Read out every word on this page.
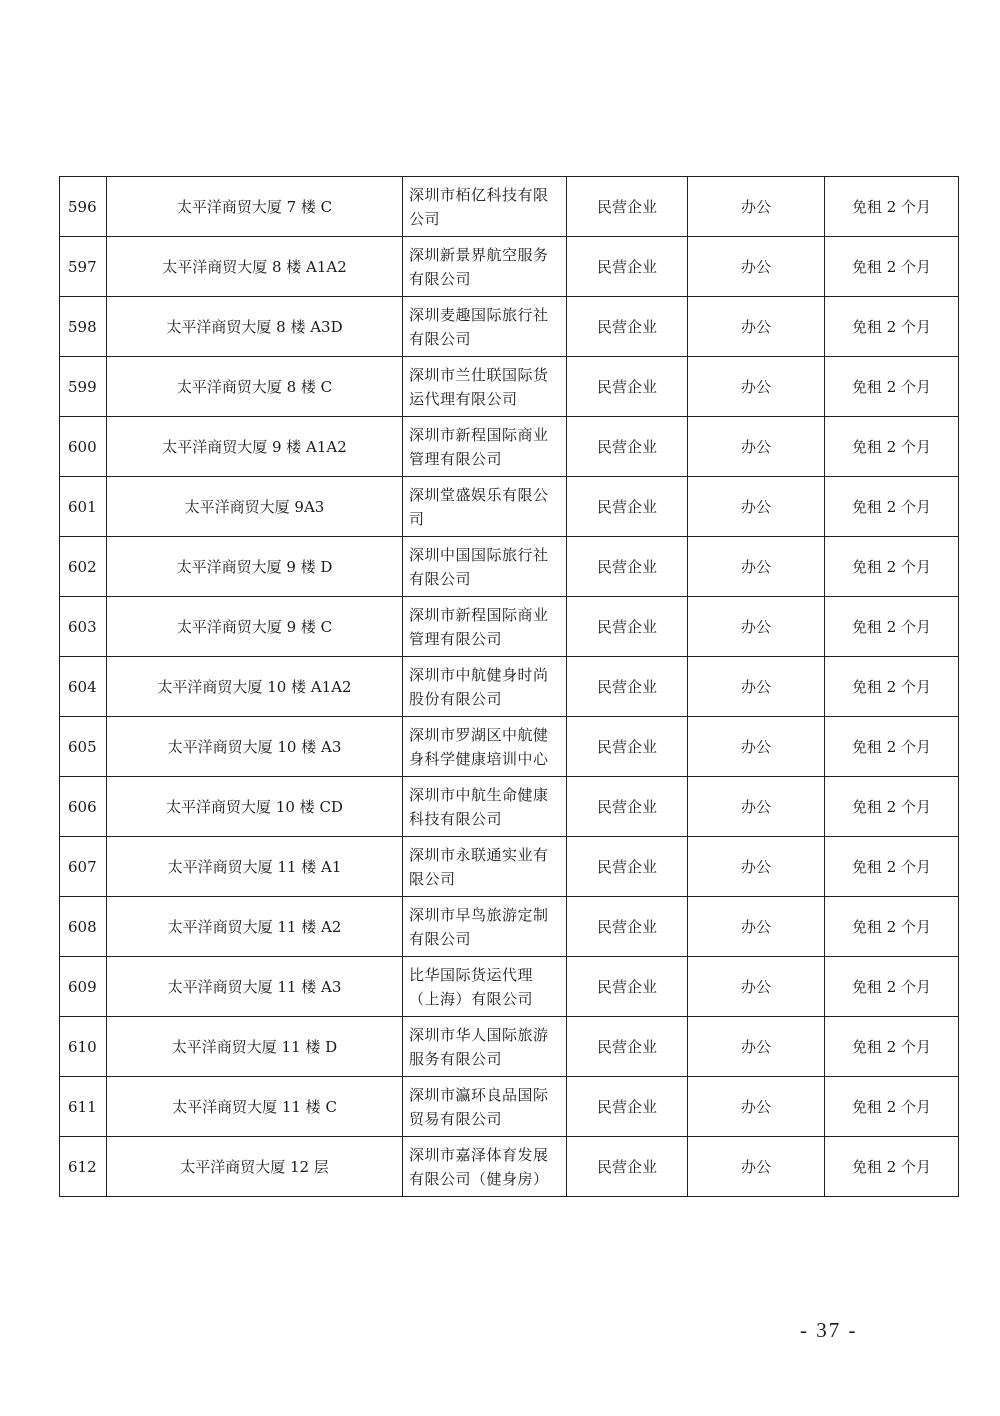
596	太平洋商贸大厦 7 楼 C	深圳市栢亿科技有限公司	民营企业	办公	免租 2 个月
597	太平洋商贸大厦 8 楼 A1A2	深圳新景界航空服务有限公司	民营企业	办公	免租 2 个月
598	太平洋商贸大厦 8 楼 A3D	深圳麦趣国际旅行社有限公司	民营企业	办公	免租 2 个月
599	太平洋商贸大厦 8 楼 C	深圳市兰仕联国际货运代理有限公司	民营企业	办公	免租 2 个月
600	太平洋商贸大厦 9 楼 A1A2	深圳市新程国际商业管理有限公司	民营企业	办公	免租 2 个月
601	太平洋商贸大厦 9A3	深圳堂盛娱乐有限公司	民营企业	办公	免租 2 个月
602	太平洋商贸大厦 9 楼 D	深圳中国国际旅行社有限公司	民营企业	办公	免租 2 个月
603	太平洋商贸大厦 9 楼 C	深圳市新程国际商业管理有限公司	民营企业	办公	免租 2 个月
604	太平洋商贸大厦 10 楼 A1A2	深圳市中航健身时尚股份有限公司	民营企业	办公	免租 2 个月
605	太平洋商贸大厦 10 楼 A3	深圳市罗湖区中航健身科学健康培训中心	民营企业	办公	免租 2 个月
606	太平洋商贸大厦 10 楼 CD	深圳市中航生命健康科技有限公司	民营企业	办公	免租 2 个月
607	太平洋商贸大厦 11 楼 A1	深圳市永联通实业有限公司	民营企业	办公	免租 2 个月
608	太平洋商贸大厦 11 楼 A2	深圳市早鸟旅游定制有限公司	民营企业	办公	免租 2 个月
609	太平洋商贸大厦 11 楼 A3	比华国际货运代理（上海）有限公司	民营企业	办公	免租 2 个月
610	太平洋商贸大厦 11 楼 D	深圳市华人国际旅游服务有限公司	民营企业	办公	免租 2 个月
611	太平洋商贸大厦 11 楼 C	深圳市瀛环良品国际贸易有限公司	民营企业	办公	免租 2 个月
612	太平洋商贸大厦 12 层	深圳市嘉泽体育发展有限公司（健身房）	民营企业	办公	免租 2 个月
- 37 -
